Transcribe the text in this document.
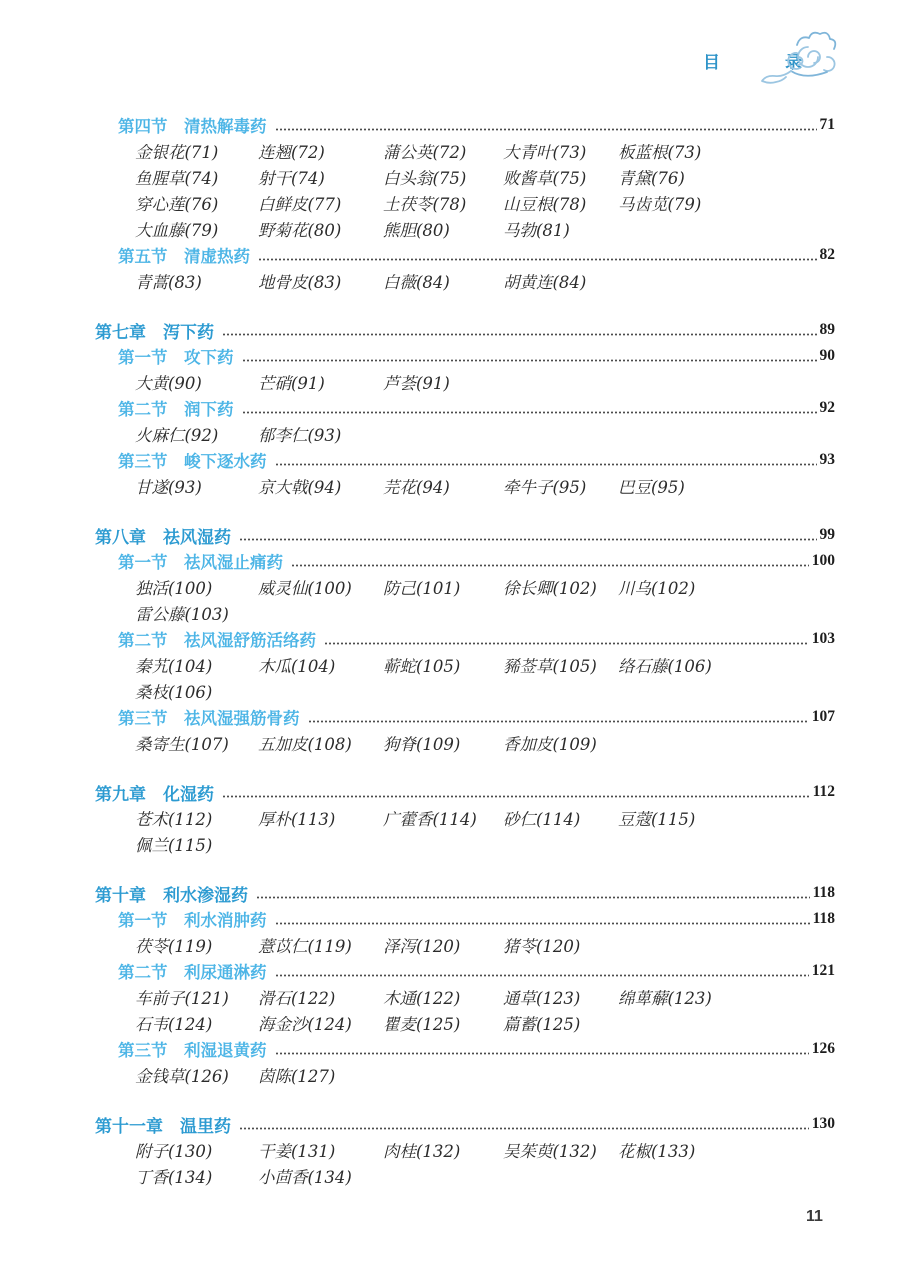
目　录
第四节　清热解毒药	71
金银花(71)	连翘(72)	蒲公英(72)	大青叶(73)	板蓝根(73)
鱼腥草(74)	射干(74)	白头翁(75)	败酱草(75)	青黛(76)
穿心莲(76)	白鲜皮(77)	土茯苓(78)	山豆根(78)	马齿苋(79)
大血藤(79)	野菊花(80)	熊胆(80)	马勃(81)
第五节　清虚热药	82
青蒿(83)	地骨皮(83)	白薇(84)	胡黄连(84)
第七章　泻下药	89
第一节　攻下药	90
大黄(90)	芒硝(91)	芦荟(91)
第二节　润下药	92
火麻仁(92)	郁李仁(93)
第三节　峻下逐水药	93
甘遂(93)	京大戟(94)	芫花(94)	牵牛子(95)	巴豆(95)
第八章　祛风湿药	99
第一节　祛风湿止痛药	100
独活(100)	威灵仙(100)	防己(101)	徐长卿(102)	川乌(102)
雷公藤(103)
第二节　祛风湿舒筋活络药	103
秦艽(104)	木瓜(104)	蕲蛇(105)	豨莶草(105)	络石藤(106)
桑枝(106)
第三节　祛风湿强筋骨药	107
桑寄生(107)	五加皮(108)	狗脊(109)	香加皮(109)
第九章　化湿药	112
苍术(112)	厚朴(113)	广藿香(114)	砂仁(114)	豆蔻(115)
佩兰(115)
第十章　利水渗湿药	118
第一节　利水消肿药	118
茯苓(119)	薏苡仁(119)	泽泻(120)	猪苓(120)
第二节　利尿通淋药	121
车前子(121)	滑石(122)	木通(122)	通草(123)	绵萆薢(123)
石韦(124)	海金沙(124)	瞿麦(125)	萹蓄(125)
第三节　利湿退黄药	126
金钱草(126)	茵陈(127)
第十一章　温里药	130
附子(130)	干姜(131)	肉桂(132)	吴茱萸(132)	花椒(133)
丁香(134)	小茴香(134)
11
